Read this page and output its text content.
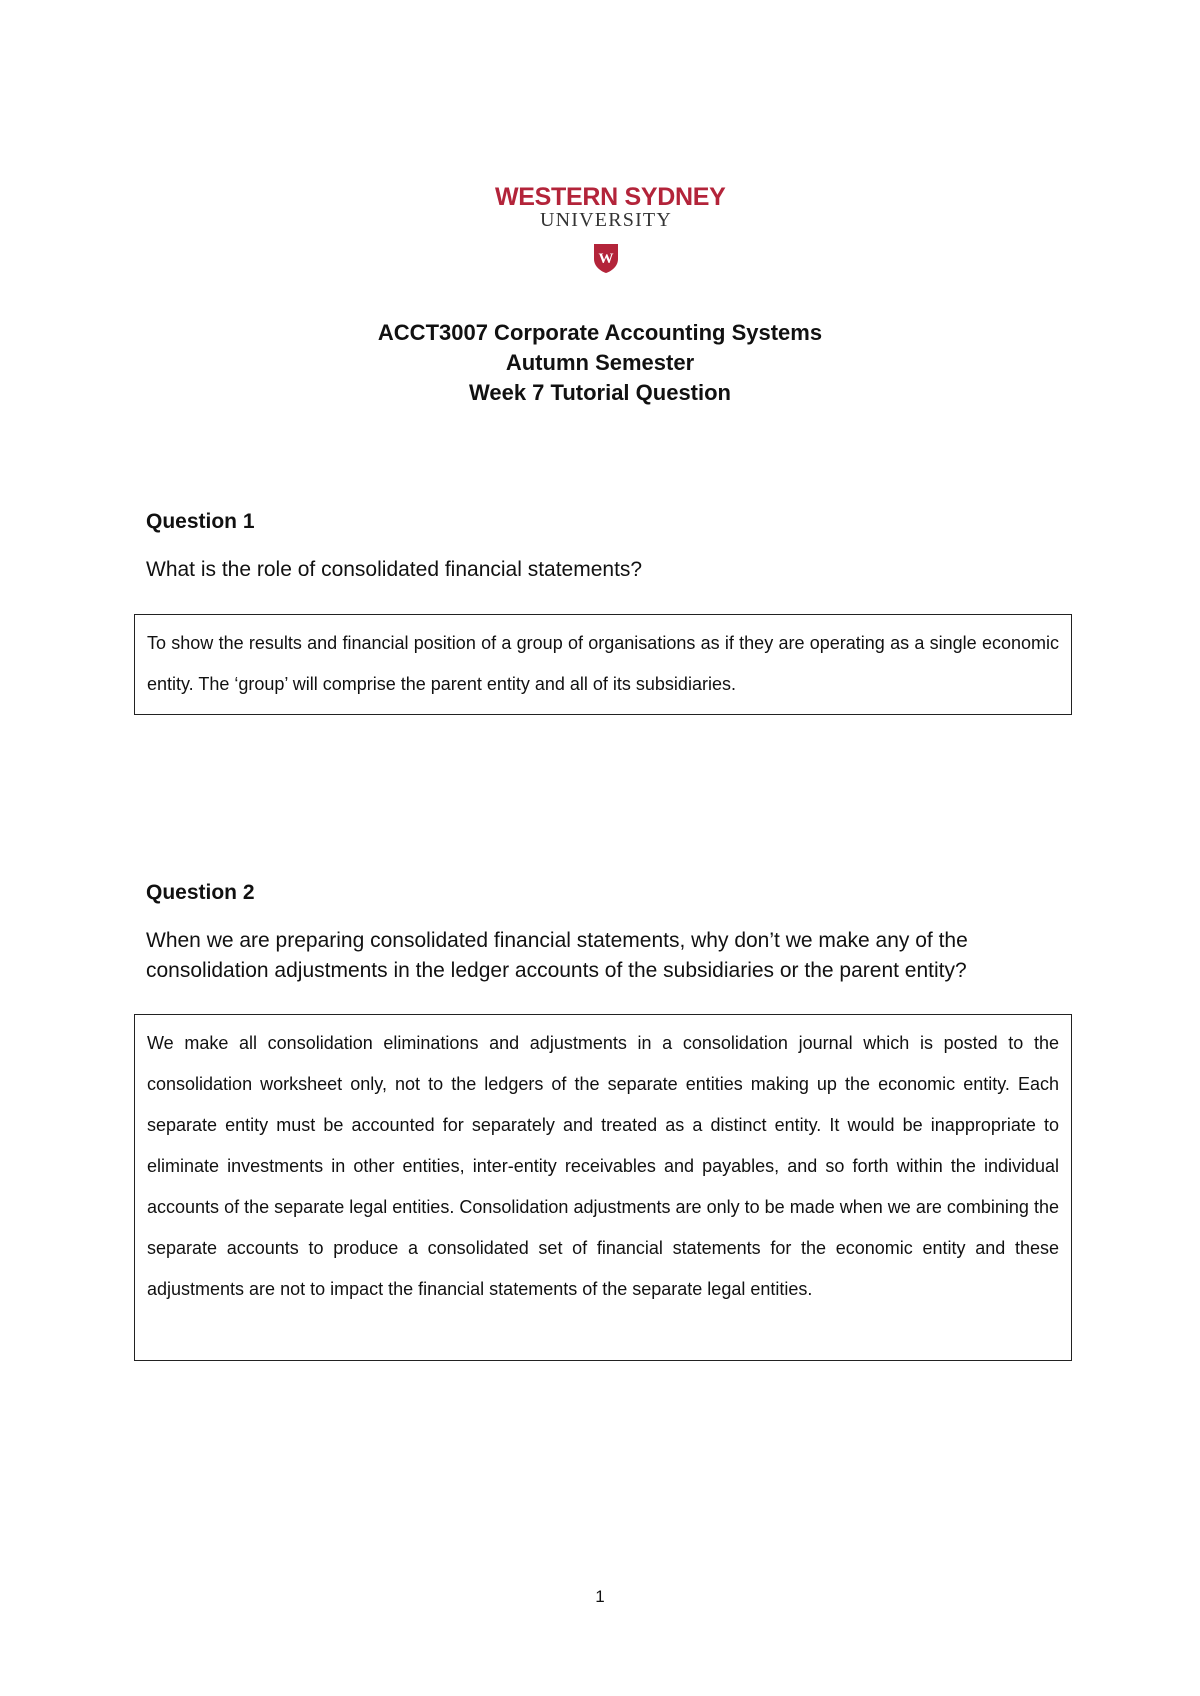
WESTERN SYDNEY
UNIVERSITY
W
ACCT3007 Corporate Accounting Systems
Autumn Semester
Week 7 Tutorial Question
Question 1

What is the role of consolidated financial statements?

To show the results and financial position of a group of organisations as if they are operating as a single economic entity. The ‘group’ will comprise the parent entity and all of its subsidiaries.

Question 2

When we are preparing consolidated financial statements, why don’t we make any of the consolidation adjustments in the ledger accounts of the subsidiaries or the parent entity?

We make all consolidation eliminations and adjustments in a consolidation journal which is posted to the consolidation worksheet only, not to the ledgers of the separate entities making up the economic entity. Each separate entity must be accounted for separately and treated as a distinct entity. It would be inappropriate to eliminate investments in other entities, inter-entity receivables and payables, and so forth within the individual accounts of the separate legal entities. Consolidation adjustments are only to be made when we are combining the separate accounts to produce a consolidated set of financial statements for the economic entity and these adjustments are not to impact the financial statements of the separate legal entities.

1
